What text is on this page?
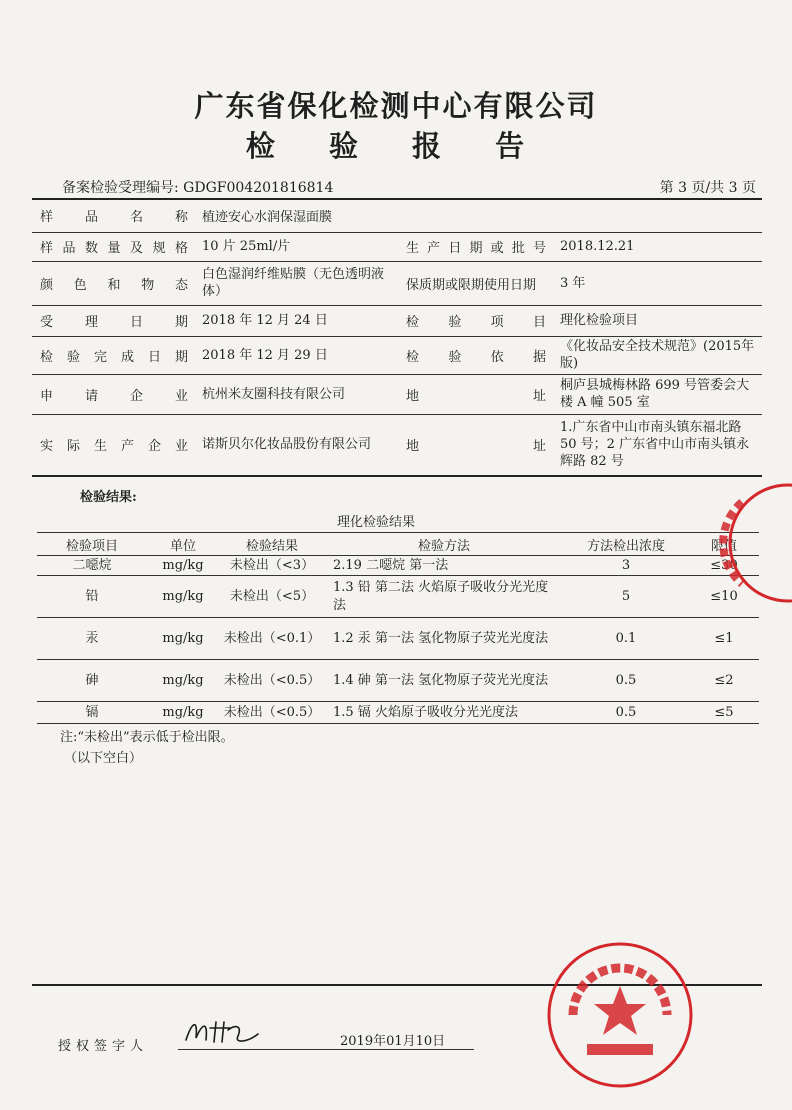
广东省保化检测中心有限公司
检 验 报 告
备案检验受理编号: GDGF004201816814	第 3 页/共 3 页
样 品 名 称	植迹安心水润保湿面膜		
样品数量及规格	10 片 25ml/片	生产日期或批号	2018.12.21
颜 色 和 物 态	白色湿润纤维贴膜（无色透明液体）	保质期或限期使用日期	3 年
受 理 日 期	2018 年 12 月 24 日	检 验 项 目	理化检验项目
检验完成日期	2018 年 12 月 29 日	检 验 依 据	《化妆品安全技术规范》(2015年版)
申 请 企 业	杭州米友圈科技有限公司	地 址	桐庐县城梅林路 699 号管委会大楼 A 幢 505 室
实 际 生 产 企 业	诺斯贝尔化妆品股份有限公司	地 址	1.广东省中山市南头镇东福北路 50 号；2 广东省中山市南头镇永辉路 82 号
检验结果:
理化检验结果
检验项目	单位	检验结果	检验方法	方法检出浓度	限值
二噁烷	mg/kg	未检出（<3）	2.19 二噁烷 第一法	3	≤30
铅	mg/kg	未检出（<5）	1.3 铅 第二法 火焰原子吸收分光光度法	5	≤10
汞	mg/kg	未检出（<0.1）	1.2 汞 第一法 氢化物原子荧光光度法	0.1	≤1
砷	mg/kg	未检出（<0.5）	1.4 砷 第一法 氢化物原子荧光光度法	0.5	≤2
镉	mg/kg	未检出（<0.5）	1.5 镉 火焰原子吸收分光光度法	0.5	≤5
注:“未检出”表示低于检出限。
（以下空白）
授权签字人	2019年01月10日
